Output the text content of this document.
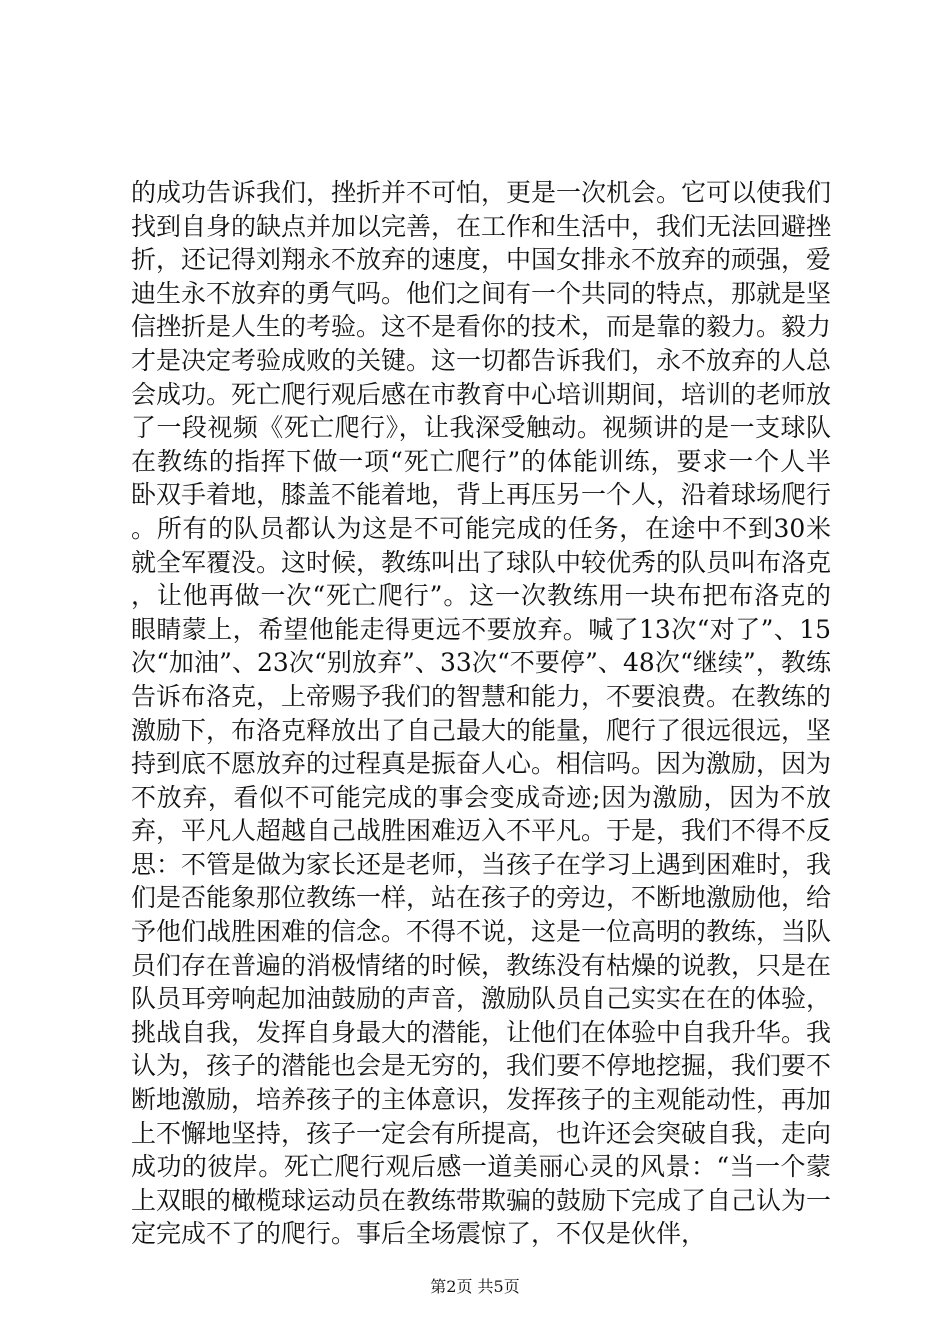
的成功告诉我们，挫折并不可怕，更是一次机会。它可以使我们找到自身的缺点并加以完善，在工作和生活中，我们无法回避挫折，还记得刘翔永不放弃的速度，中国女排永不放弃的顽强，爱迪生永不放弃的勇气吗。他们之间有一个共同的特点，那就是坚信挫折是人生的考验。这不是看你的技术，而是靠的毅力。毅力才是决定考验成败的关键。这一切都告诉我们，永不放弃的人总会成功。死亡爬行观后感在市教育中心培训期间，培训的老师放了一段视频《死亡爬行》，让我深受触动。视频讲的是一支球队在教练的指挥下做一项“死亡爬行”的体能训练，要求一个人半卧双手着地，膝盖不能着地，背上再压另一个人，沿着球场爬行。所有的队员都认为这是不可能完成的任务，在途中不到30米就全军覆没。这时候，教练叫出了球队中较优秀的队员叫布洛克，让他再做一次“死亡爬行”。这一次教练用一块布把布洛克的眼睛蒙上，希望他能走得更远不要放弃。喊了13次“对了”、15次“加油”、23次“别放弃”、33次“不要停”、48次“继续”，教练告诉布洛克，上帝赐予我们的智慧和能力，不要浪费。在教练的激励下，布洛克释放出了自己最大的能量，爬行了很远很远，坚持到底不愿放弃的过程真是振奋人心。相信吗。因为激励，因为不放弃，看似不可能完成的事会变成奇迹;因为激励，因为不放弃，平凡人超越自己战胜困难迈入不平凡。于是，我们不得不反思：不管是做为家长还是老师，当孩子在学习上遇到困难时，我们是否能象那位教练一样，站在孩子的旁边，不断地激励他，给予他们战胜困难的信念。不得不说，这是一位高明的教练，当队员们存在普遍的消极情绪的时候，教练没有枯燥的说教，只是在队员耳旁响起加油鼓励的声音，激励队员自己实实在在的体验，挑战自我，发挥自身最大的潜能，让他们在体验中自我升华。我认为，孩子的潜能也会是无穷的，我们要不停地挖掘，我们要不断地激励，培养孩子的主体意识，发挥孩子的主观能动性，再加上不懈地坚持，孩子一定会有所提高，也许还会突破自我，走向成功的彼岸。死亡爬行观后感一道美丽心灵的风景：“当一个蒙上双眼的橄榄球运动员在教练带欺骗的鼓励下完成了自己认为一定完成不了的爬行。事后全场震惊了，不仅是伙伴，

第2页 共5页
